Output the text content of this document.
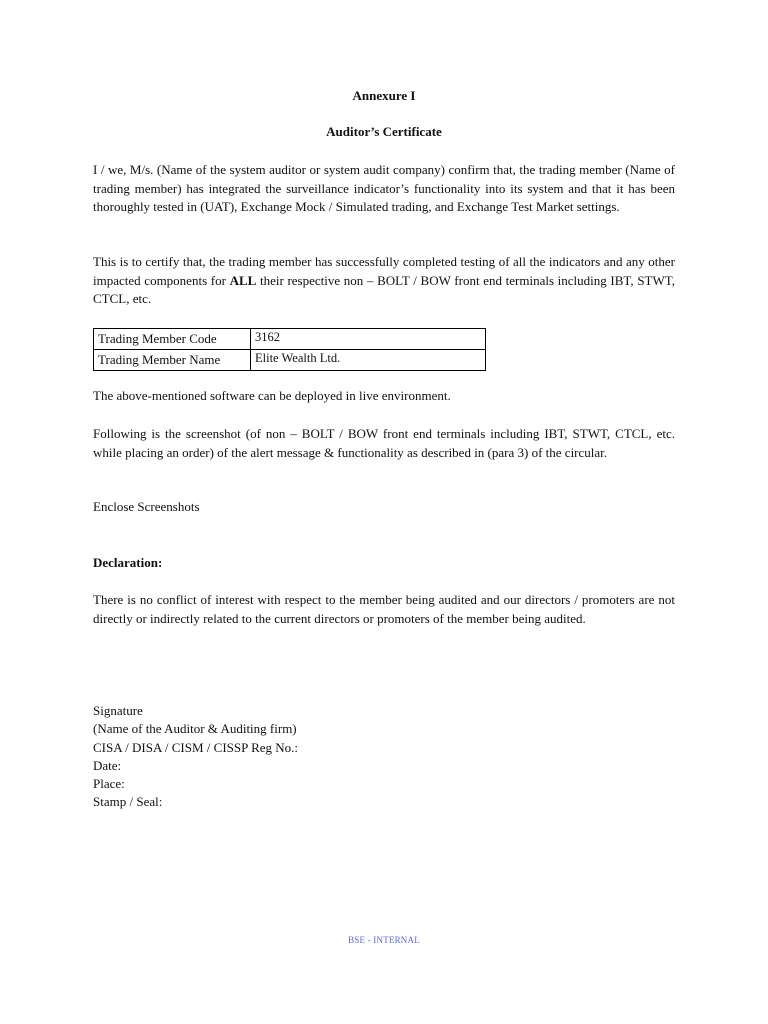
Annexure I
Auditor’s Certificate

I / we, M/s. (Name of the system auditor or system audit company) confirm that, the trading member (Name of trading member) has integrated the surveillance indicator’s functionality into its system and that it has been thoroughly tested in (UAT), Exchange Mock / Simulated trading, and Exchange Test Market settings.

This is to certify that, the trading member has successfully completed testing of all the indicators and any other impacted components for ALL their respective non – BOLT / BOW front end terminals including IBT, STWT, CTCL, etc.

Trading Member Code	3162
Trading Member Name	Elite Wealth Ltd.

The above-mentioned software can be deployed in live environment.

Following is the screenshot (of non – BOLT / BOW front end terminals including IBT, STWT, CTCL, etc. while placing an order) of the alert message & functionality as described in (para 3) of the circular.

Enclose Screenshots

Declaration:

There is no conflict of interest with respect to the member being audited and our directors / promoters are not directly or indirectly related to the current directors or promoters of the member being audited.

Signature
(Name of the Auditor & Auditing firm)
CISA / DISA / CISM / CISSP Reg No.:
Date:
Place:
Stamp / Seal:
BSE - INTERNAL
